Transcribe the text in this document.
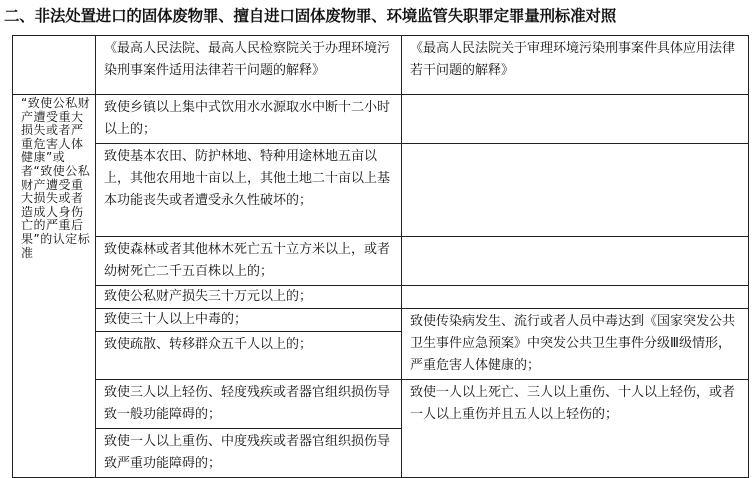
二、非法处置进口的固体废物罪、擅自进口固体废物罪、环境监管失职罪定罪量刑标准对照
	《最高人民法院、最高人民检察院关于办理环境污染刑事案件适用法律若干问题的解释》	《最高人民法院关于审理环境污染刑事案件具体应用法律若干问题的解释》
“致使公私财产遭受重大损失或者严重危害人体健康”或者“致使公私财产遭受重大损失或者造成人身伤亡的严重后果”的认定标准	致使乡镇以上集中式饮用水水源取水中断十二小时以上的；	
	致使基本农田、防护林地、特种用途林地五亩以上，其他农用地十亩以上，其他土地二十亩以上基本功能丧失或者遭受永久性破坏的；	
	致使森林或者其他林木死亡五十立方米以上，或者幼树死亡二千五百株以上的；	
	致使公私财产损失三十万元以上的；	
	致使三十人以上中毒的；	致使传染病发生、流行或者人员中毒达到《国家突发公共卫生事件应急预案》中突发公共卫生事件分级Ⅲ级情形，严重危害人体健康的；
	致使疏散、转移群众五千人以上的；	
	致使三人以上轻伤、轻度残疾或者器官组织损伤导致一般功能障碍的；	致使一人以上死亡、三人以上重伤、十人以上轻伤，或者一人以上重伤并且五人以上轻伤的；
	致使一人以上重伤、中度残疾或者器官组织损伤导致严重功能障碍的；	
